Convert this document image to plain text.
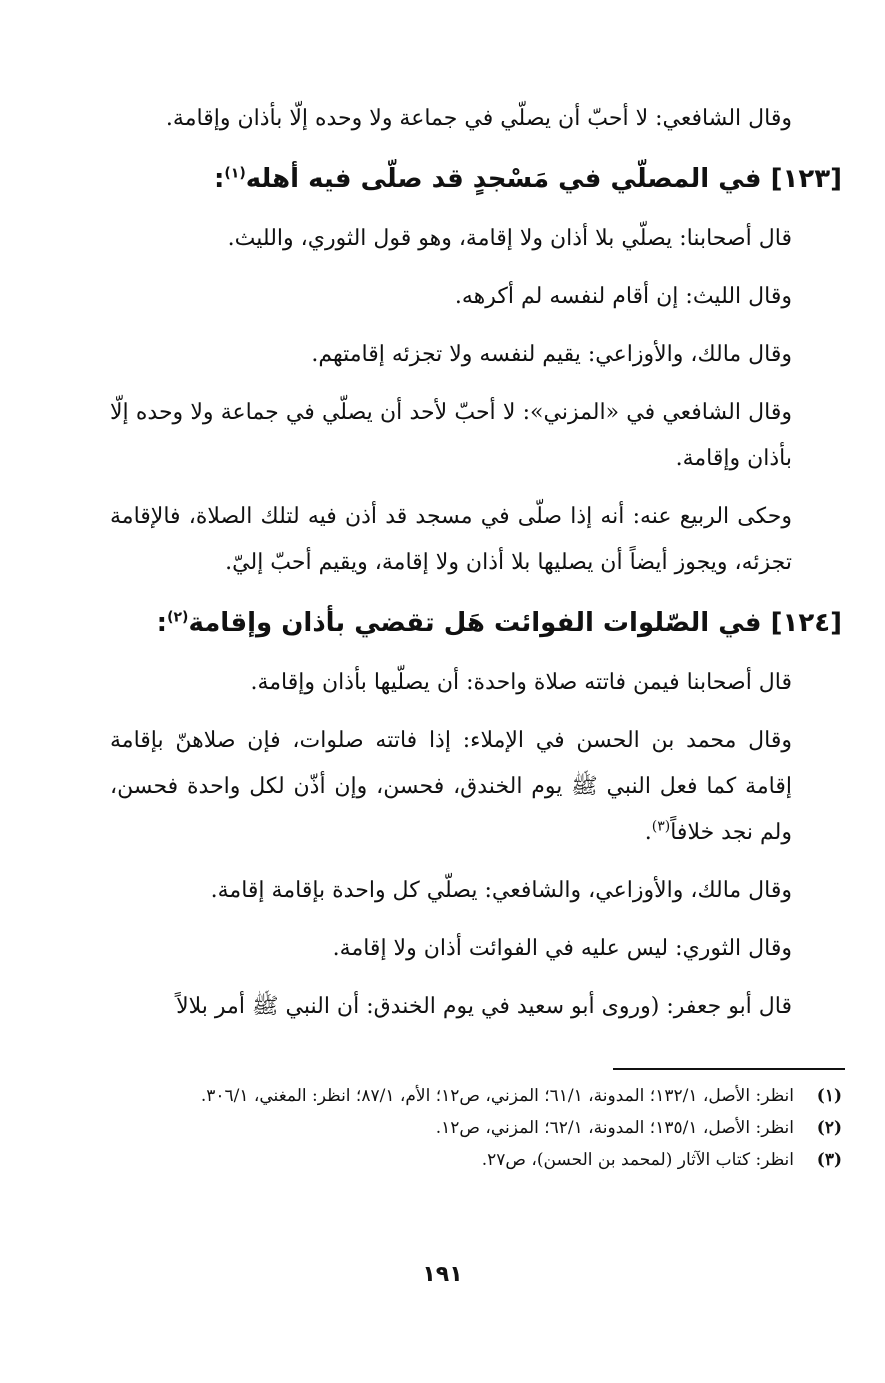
وقال الشافعي: لا أحبّ أن يصلّي في جماعة ولا وحده إلّا بأذان وإقامة.

[١٢٣] في المصلّي في مَسْجدٍ قد صلّى فيه أهله$^{(١)}$:

قال أصحابنا: يصلّي بلا أذان ولا إقامة، وهو قول الثوري، والليث.

وقال الليث: إن أقام لنفسه لم أكرهه.

وقال مالك، والأوزاعي: يقيم لنفسه ولا تجزئه إقامتهم.

وقال الشافعي في «المزني»: لا أحبّ لأحد أن يصلّي في جماعة ولا وحده إلّا بأذان وإقامة.

وحكى الربيع عنه: أنه إذا صلّى في مسجد قد أذن فيه لتلك الصلاة، فالإقامة تجزئه، ويجوز أيضاً أن يصليها بلا أذان ولا إقامة، ويقيم أحبّ إليّ.

[١٢٤] في الصّلوات الفوائت هَل تقضي بأذان وإقامة$^{(٢)}$:

قال أصحابنا فيمن فاتته صلاة واحدة: أن يصلّيها بأذان وإقامة.

وقال محمد بن الحسن في الإملاء: إذا فاتته صلوات، فإن صلاهنّ بإقامة إقامة كما فعل النبي ﷺ يوم الخندق، فحسن، وإن أذّن لكل واحدة فحسن، ولم نجد خلافاً$^{(٣)}$.

وقال مالك، والأوزاعي، والشافعي: يصلّي كل واحدة بإقامة إقامة.

وقال الثوري: ليس عليه في الفوائت أذان ولا إقامة.

قال أبو جعفر: (وروى أبو سعيد في يوم الخندق: أن النبي ﷺ أمر بلالاً

(١)
انظر: الأصل، ١٣٢/١؛ المدونة، ٦١/١؛ المزني، ص١٢؛ الأم، ٨٧/١؛ انظر: المغني، ٣٠٦/١.
(٢)
انظر: الأصل، ١٣٥/١؛ المدونة، ٦٢/١؛ المزني، ص١٢.
(٣)
انظر: كتاب الآثار (لمحمد بن الحسن)، ص٢٧.
١٩١
